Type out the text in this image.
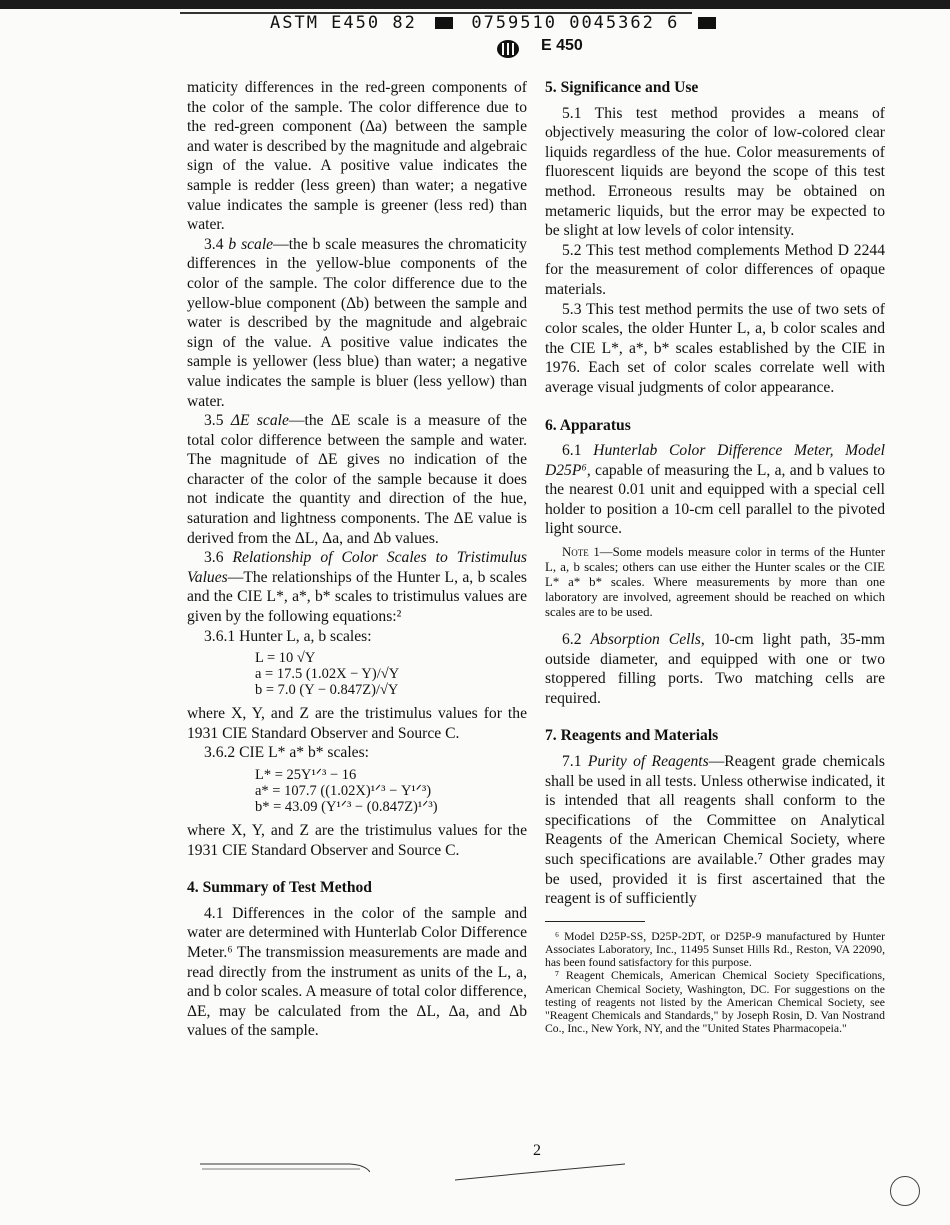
ASTM E450 82	0759510 0045362 6
E 450

maticity differences in the red-green components of the color of the sample. The color difference due to the red-green component (Δa) between the sample and water is described by the magnitude and algebraic sign of the value. A positive value indicates the sample is redder (less green) than water; a negative value indicates the sample is greener (less red) than water.

3.4 b scale—the b scale measures the chromaticity differences in the yellow-blue components of the color of the sample. The color difference due to the yellow-blue component (Δb) between the sample and water is described by the magnitude and algebraic sign of the value. A positive value indicates the sample is yellower (less blue) than water; a negative value indicates the sample is bluer (less yellow) than water.

3.5 ΔE scale—the ΔE scale is a measure of the total color difference between the sample and water. The magnitude of ΔE gives no indication of the character of the color of the sample because it does not indicate the quantity and direction of the hue, saturation and lightness components. The ΔE value is derived from the ΔL, Δa, and Δb values.

3.6 Relationship of Color Scales to Tristimulus Values—The relationships of the Hunter L, a, b scales and the CIE L*, a*, b* scales to tristimulus values are given by the following equations:²

3.6.1 Hunter L, a, b scales:

L = 10 √Y
a = 17.5 (1.02X − Y)/√Y
b = 7.0 (Y − 0.847Z)/√Y

where X, Y, and Z are the tristimulus values for the 1931 CIE Standard Observer and Source C.

3.6.2 CIE L* a* b* scales:

L* = 25Y¹ᐟ³ − 16
a* = 107.7 ((1.02X)¹ᐟ³ − Y¹ᐟ³)
b* = 43.09 (Y¹ᐟ³ − (0.847Z)¹ᐟ³)

where X, Y, and Z are the tristimulus values for the 1931 CIE Standard Observer and Source C.

4. Summary of Test Method

4.1 Differences in the color of the sample and water are determined with Hunterlab Color Difference Meter.⁶ The transmission measurements are made and read directly from the instrument as units of the L, a, and b color scales. A measure of total color difference, ΔE, may be calculated from the ΔL, Δa, and Δb values of the sample.

5. Significance and Use

5.1 This test method provides a means of objectively measuring the color of low-colored clear liquids regardless of the hue. Color measurements of fluorescent liquids are beyond the scope of this test method. Erroneous results may be obtained on metameric liquids, but the error may be expected to be slight at low levels of color intensity.

5.2 This test method complements Method D 2244 for the measurement of color differences of opaque materials.

5.3 This test method permits the use of two sets of color scales, the older Hunter L, a, b color scales and the CIE L*, a*, b* scales established by the CIE in 1976. Each set of color scales correlate well with average visual judgments of color appearance.

6. Apparatus

6.1 Hunterlab Color Difference Meter, Model D25P⁶, capable of measuring the L, a, and b values to the nearest 0.01 unit and equipped with a special cell holder to position a 10-cm cell parallel to the pivoted light source.

Note 1—Some models measure color in terms of the Hunter L, a, b scales; others can use either the Hunter scales or the CIE L* a* b* scales. Where measurements by more than one laboratory are involved, agreement should be reached on which scales are to be used.

6.2 Absorption Cells, 10-cm light path, 35-mm outside diameter, and equipped with one or two stoppered filling ports. Two matching cells are required.

7. Reagents and Materials

7.1 Purity of Reagents—Reagent grade chemicals shall be used in all tests. Unless otherwise indicated, it is intended that all reagents shall conform to the specifications of the Committee on Analytical Reagents of the American Chemical Society, where such specifications are available.⁷ Other grades may be used, provided it is first ascertained that the reagent is of sufficiently

⁶ Model D25P-SS, D25P-2DT, or D25P-9 manufactured by Hunter Associates Laboratory, Inc., 11495 Sunset Hills Rd., Reston, VA 22090, has been found satisfactory for this purpose.

⁷ Reagent Chemicals, American Chemical Society Specifications, American Chemical Society, Washington, DC. For suggestions on the testing of reagents not listed by the American Chemical Society, see "Reagent Chemicals and Standards," by Joseph Rosin, D. Van Nostrand Co., Inc., New York, NY, and the "United States Pharmacopeia."

2
